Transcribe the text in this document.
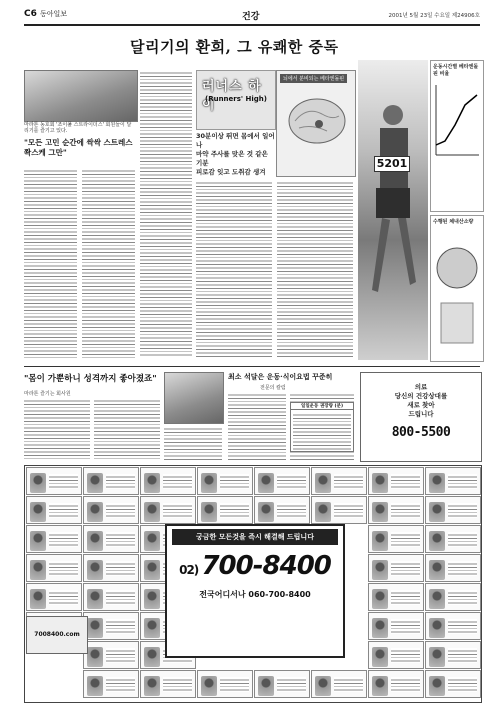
C6 동아일보	건강	2001년 5월 23일 수요일 제24906호
달리기의 환희, 그 유쾌한 중독
마라톤 동호회 '조이풀 스트라이더스' 회원들이 달리기를 즐기고 있다.
"모든 고민 순간에 싹싹 스트레스 쫙스케 그만"
러너스 하이
(Runners' High)
30분이상 뛰면 몸에서 일어나
마약 주사를 맞은 것 같은 기분
피로감 잊고 도취감 생겨
뇌에서 분비되는 베타엔돌핀
5201
운동시간별 베타엔돌핀 비율
수행된 체내산소량
"몸이 가뿐하니 성격까지 좋아졌죠"
마라톤 즐기는 회사원
최소 석달은 운동·식이요법 꾸준히
전문의 칼럼
일일운동 권장량 (분)
의료
당신의 건강상대를
새로 찾아
드립니다
800-5500
궁금한 모든것을 즉시 해결해 드립니다
02) 700-8400
전국어디서나 060-700-8400
7008400.com
